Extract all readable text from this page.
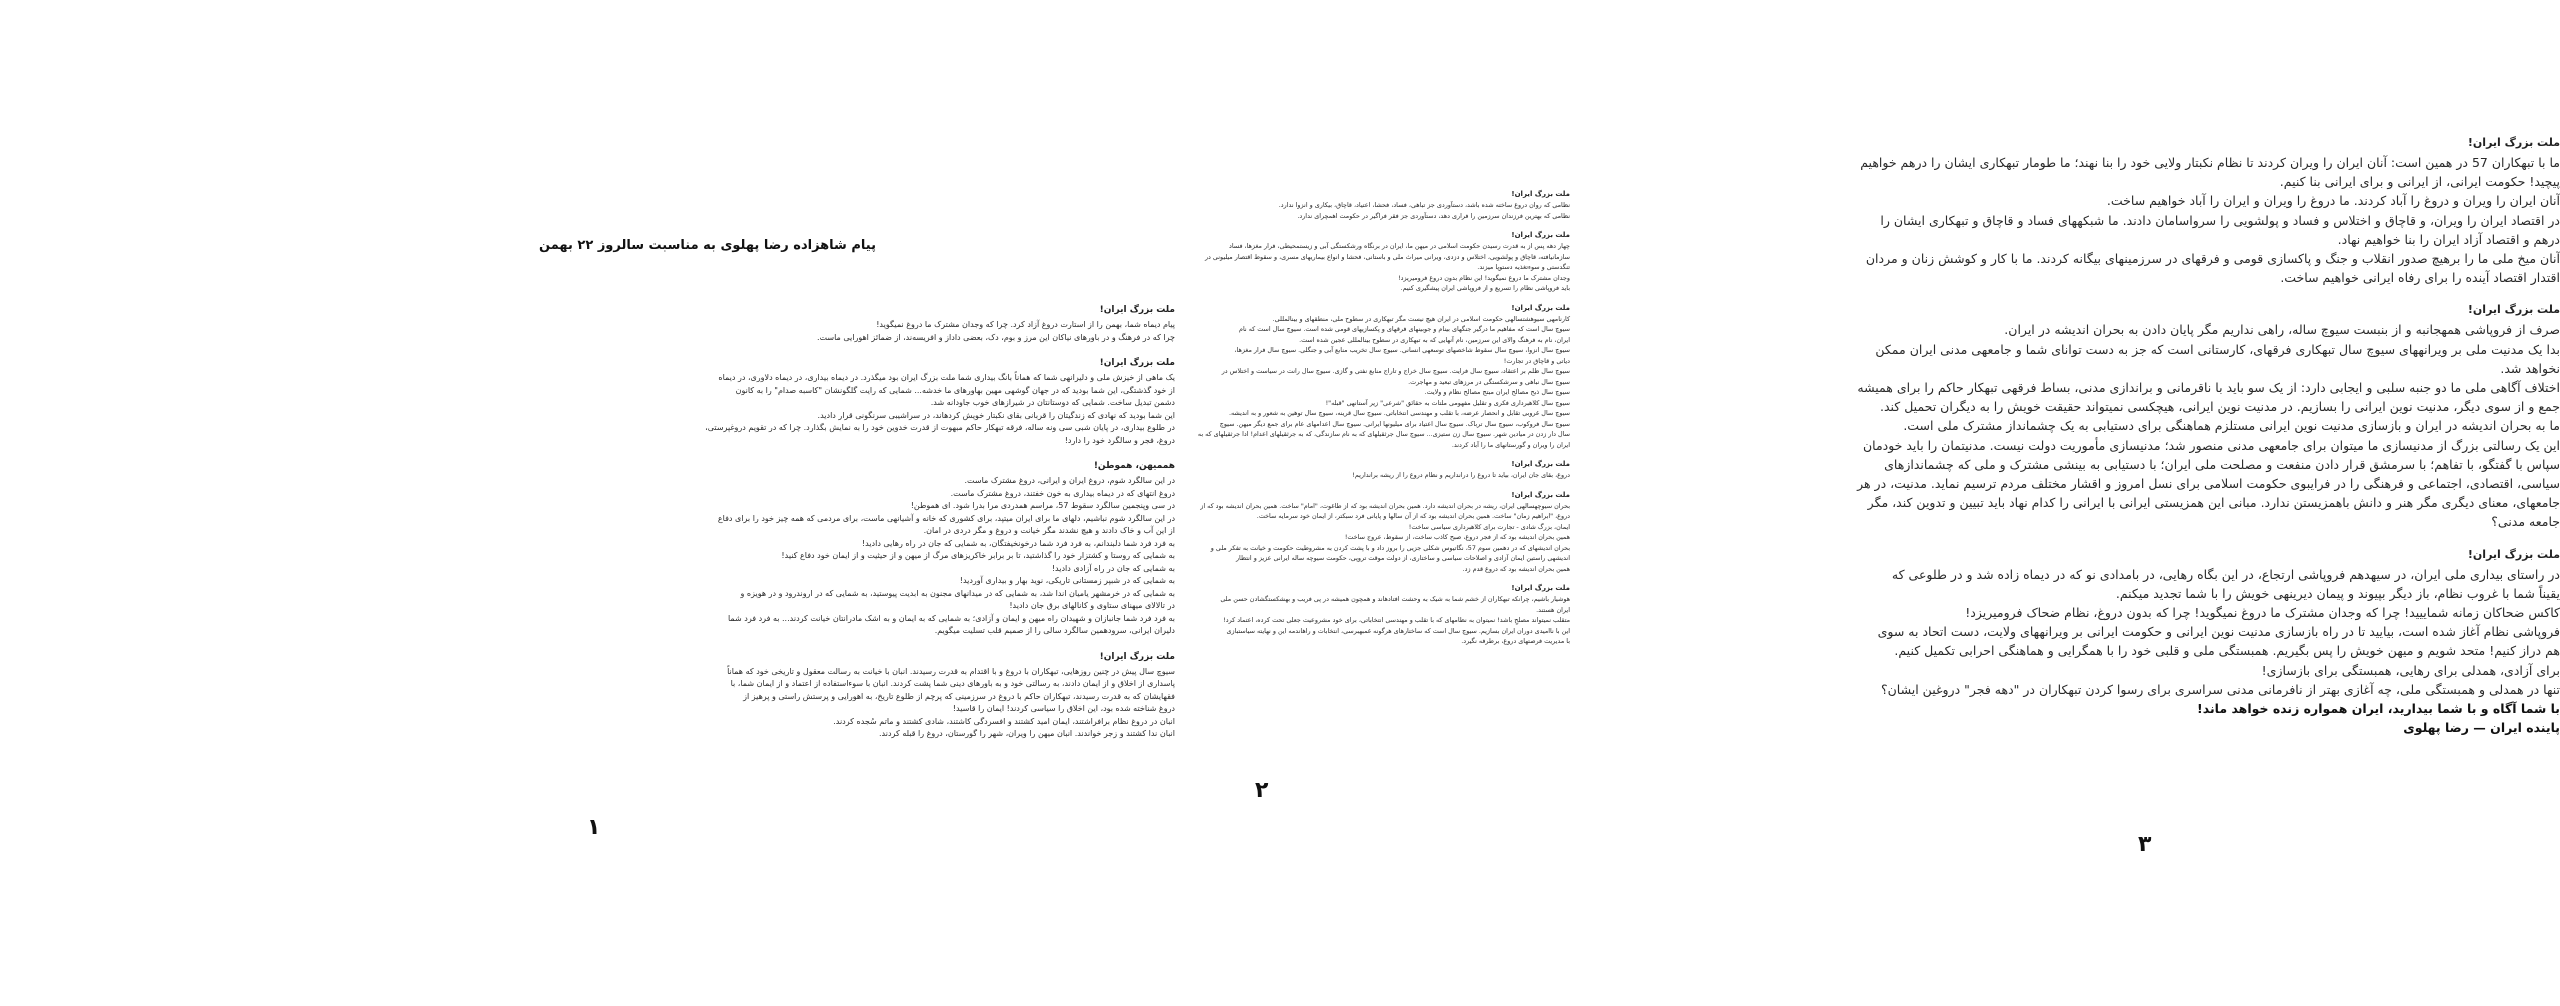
پيام شاهزاده رضا پهلوی به مناسبت سالروز ۲۲ بهمن
ملت بزرگ ايران!
پیام دیماه شما، بهمن را از استارت دروغ آزاد کرد. چرا که وجدان مشترک ما دروغ نمیگوید!
چرا که در فرهنگ و در باورهای نیاکان این مرز و بوم، دک، بعضی داداز و افریسه‌ند، از ضمائز اهورایی ماست.
ملت بزرگ ايران!
یک ماهی از خیزش ملی و دلیرانهی شما که هماناً بانگ بیداری شما ملت بزرگ ایران بود میگذرد. در دیماه بیداری، در دیماه دلاوری، در دیماه
از خود گذشتگی، این شما بودید که در جهان گوشهی مهین بهاورهای ما خدشه... شمایی که رایت گلگونشان "کاسبه صدام" را به کانون
دشمن تبدیل ساخت. شمایی که دوستانتان در شیرازهای خوب جاودانه شد.
این شما بودید که نهادی که زندگیتان را قربانی بقای نکبتار خویش کردهاند، در سراشیبی سرنگونی قرار دادید.
در طلوع بیداری، در پایان شبی سی ونه ساله، فرقه تبهکار حاکم مبهوت از قدرت خدوین خود را به نمایش بگذارد. چرا که در تقویم دروغپرستی،
دروغ، فجر و سالگرد خود را دارد!
هممیهن، هموطن!
در این سالگرد شوم، دروغ ایران و ایرانی، دروغ مشترک ماست.
دروغ انتهای که در دیماه بیداری به خون خفتند، دروغ مشترک ماست.
در سی وپنجمین سالگرد سقوط 57، مراسم همدردی مرا بدرا شود. ای هموطن!
در این سالگرد شوم نباشیم، دلهای ما برای ایران میتپد، برای کشوری که خانه و آشیانهی ماست، برای مردمی که همه چیز خود را برای دفاع
از این آب و خاک دادند و هیچ نشدند مگر خیانت و دروغ و مگر دردی در امان.
به فرد فرد شما دلبندانم، به فرد فرد شما درخونخیفتگان، به شمایی که جان در راه رهایی دادید!
به شمایی که روستا و کشتزار خود را گذاشتید، تا بر برابر خاکریزهای مرگ از میهن و از حیثیت و از ایمان خود دفاع کنید!
به شمایی که جان در راه آزادی دادید!
به شمایی که در شبپر زمستانی تاریکی، نوید بهار و بیداری آوردید!
به شمایی که در خرمشهر یامیان اندا شد، به شمایی که در میدانهای مجنون به ابدیت پیوستید، به شمایی که در اروندرود و در هویزه و
در تالالای میهنای ستاوی و کانالهای برق جان دادید!
به فرد فرد شما جانبازان و شهیدان راه میهن و ایمان و آزادی؛ به شمایی که به ایمان و به اشک مادرانتان خیانت کردند... به فرد فرد شما
دلیران ایرانی، سرودهمین سالگرد سالی را از صمیم قلب تسلیت میگویم.
ملت بزرگ ايران!
سیوچ سال پیش در چنین روزهایی، تبهکاران با دروغ و با اقتدام به قدرت رسیدند. انبان با خیانت به رسالت معقول و تاریخی خود که هماناً
پاسداری از اخلاق و از ایمان دادند، به رسالتی خود و به باورهای دینی شما پشت کردند. انبان با سوءاستفاده از اعتماد و از ایمان شما، با
فقهایشان که به قدرت رسیدند، تبهکاران حاکم با دروغ در سرزمینی که پرچم از طلوع تاریخ، به اهورایی و پرستش راستی و پرهیز از
دروغ شناخته شده بود، این اخلاق را سیاسی کردند! ایمان را قاسید!
انبان در دروغ نظام برافراشتند، ایمان امید کشتند و افسردگی کاشتند، شادی کشتند و ماتم سُجده کردند.
انبان ندا کشتند و زجر خواندند. انبان میهن را ویران، شهر را گورستان، دروغ را قبله کردند.
١
ملت بزرگ ايران!
نظامی که روان دروغ ساخته شده باشد، دستآوردی جز تباهی، فساد، فحشا، اعتیاد، قاچاق، بیکاری و انزوا ندارد.
نظامی که بهترین فرزندان سرزمین را فراری دهد، دستآوردی جز فقر فراگیر در حکومت اهمچرای ندارد.
ملت بزرگ ايران!
چهار دهه پس از به قدرت رسیدن حکومت اسلامی در میهن ما، ایران در برنگاه ورشکستگی آبی و زیستمحیطی، فرار مغزها، فساد
سازمانیافته، قاچاق و پولشویی، اختلاس و دزدی، ویرانی میراث ملی و باستانی، فحشا و انواع بیماریهای مسری، و سقوط اقتصار میلیونی در
تنگدستی و سوءتغذیه دستوپا میزند.
وجدان مشترک ما دروغ نمیگوید! این نظام بدون دروغ فرومیریزد!
باید فروپاشی نظام را تسریع و از فروپاشی ایران پیشگیری کنیم.
ملت بزرگ ايران!
کارنامهی سیوهشتسالهی حکومت اسلامی در ایران هیچ نیست مگر تبهکاری در سطوح ملی، منطقهای و بینالمللی.
سیوچ سال است که مفاهیم ما درگیر جنگهای بینام و جوبینهای فرقهای و پکسازیهای قومی شده است. سیوچ سال است که نام
ایران، نام به فرهنگ والای این سرزمین، نام آنهایی که به تبهکاری در سطوح بینالمللی عجین شده است.
سیوچ سال انزوا، سیوچ سال سقوط شاخصهای توسعهی انسانی. سیوچ سال تخریب منابع آبی و جنگلی. سیوچ سال فرار مغزها،
دیاتی و قاچاق در تجارت!
سیوچ سال ظلم بر اعتقاد، سیوچ سال فرایت. سیوچ سال خراج و تاراج منابع نفتی و گازی. سیوچ سال رانت در سیاست و اختلاس در
سیوچ سال نباهی و سرشکستگی در مرزهای تبعید و مهاجرت.
سیوچ سال ذبح مصالح ایران مبتج مصالح نظام و ولایت.
سیوچ سال کلاهبرداری فکری و تقلیل مفهومی ملتات به حقائق "شرعی" زیر آستانهی "قبله"!
سیوچ سال غروبی تقابل و انحصار عرضه، با تقلب و مهندسی انتخاباتی. سیوچ سال قرینه، سیوچ سال توهین به شعور و به اندیشه.
سیوچ سال فروکوب، سیوچ سال ترباک. سیوچ سال اعتیاد برای میلیونها ایرانی. سیوچ سال اعدامهای عام برای جمع دیگر میهن. سیوچ
سال دار زدن در میادین شهر. سیوچ سال زن ستیزی... سیوچ سال جرثقیلهای که به نام سازندگی، که به جرثقیلهای اعدام! ادا جرثقیلهای که به
ایران را ویران و گورستانهای ما را آباد کردند.
ملت بزرگ ايران!
دروغ، بقای جان ایران، بیاید تا دروغ را درانداریم و نظام دروغ را از ریشه برانداریم!
ملت بزرگ ايران!
بحران سیوچهسالهی ایران، ریشه در بحران اندیشه دارد. همین بحران اندیشه بود که از طاغوت، "امام" ساخت. همین بحران اندیشه بود که از
دروغ، "ابراهیم زمان" ساخت. همین بحران اندیشه بود که از آن سالها و پایانی فرد سبکتر، از ایمان خود سرمایه ساخت.
ایمان، بزرگ شادی - تجارت برای کلاهبرداری سیاسی ساخت!
همین بحران اندیشه بود که از فجر دروغ، صبح کاذب ساخت، از سقوط، عروج ساخت!
بحران اندیشهای که در دهمین سوم 57، نگاتیوس شکلی جزیی را بروز داد و با پشت کردن به مشروطیت حکومت و خیانت به تفکر ملی و
اندیشهی راستین ایمان آزادی و اصلاحات سیاسی و ساختاری، از دولت موقت تروپی، حکومت سیوچه ساله ایرانی عزیز و انتظار
همین بحران اندیشه بود که دروغ قدم زد.
ملت بزرگ ايران!
هوشیار باشیم، چرانکه تبهکاران از خشم شما به شیک به وحشت افتادهاند و همچون همیشه در پی فریب و بهشکستگشادن حسن ملی
ایران هستند.
متقلب نمیتواند مصلحِ باشد! نمیتوان به نظامهای که با تقلب و مهندسی انتخاباتی، برای خود مشروعیت جعلی تحت کرده، اعتماد کرد!
این با ناامیدی دوران ایران بسازیم. سیوچ سال است که ساختارهای هرگونه غمبهبرسی، انتخابات و راهاندمه این و نهایته سیاستبازی
با مدیریت فرصتهای دروغ، برطرفه نگیرد.
٢
ملت بزرگ ايران!
ما با تبهکاران 57 در همین است: آنان ایران را ویران کردند تا نظام نکبتار ولایی خود را بنا نهند؛ ما طومار تبهکاری ایشان را درهم خواهیم
پیچید! حکومت ایرانی، از ایرانی و برای ایرانی بنا کنیم.
آنان ایران را ویران و دروغ را آباد کردند. ما دروغ را ویران و ایران را آباد خواهیم ساخت.
در اقتصاد ایران را ویران، و قاچاق و اختلاس و فساد و پولشویی را سرواسامان دادند. ما شبکههای فساد و قاچاق و تبهکاری ایشان را
درهم و اقتصاد آزاد ایران را بنا خواهیم نهاد.
آنان میخ ملی ما را برهیچ صدور انقلاب و جنگ و پاکسازی قومی و فرقهای در سرزمینهای بیگانه کردند. ما با کار و کوشش زنان و مردان
اقتدار اقتصاد آینده را برای رفاه ایرانی خواهیم ساخت.
ملت بزرگ ايران!
صرف از فروپاشی همهجانبه و از بنبست سیوچ ساله، راهی نداریم مگر پایان دادن به بحران اندیشه در ایران.
بدا یک مدنیت ملی بر ویرانههای سیوچ سال تبهکاری فرقهای، کارستانی است که جز به دست توانای شما و جامعهی مدنی ایران ممکن
نخواهد شد.
اختلاف آگاهی ملی ما دو جنبه سلبی و ایجابی دارد: از یک سو باید با ناقرمانی و براندازی مدنی، بساط فرقهی تبهکار حاکم را برای همیشه
جمع و از سوی دیگر، مدنیت نوین ایرانی را بسازیم. در مدنیت نوین ایرانی، هیچکسی نمیتواند حقیقت خویش را به دیگران تحمیل کند.
ما به بحران اندیشه در ایران و بازسازی مدنیت نوین ایرانی مستلزم هماهنگی برای دستیابی به یک چشمانداز مشترک ملی است.
این یک رسالتی بزرگ از مدنیسازی ما میتوان برای جامعهی مدنی منصور شد؛ مدنیسازی مأموریت دولت نیست. مدنیتمان را باید خودمان
سپاس با گفتگو، با تفاهم؛ با سرمشق قرار دادن منفعت و مصلحت ملی ایران؛ با دستیابی به بینشی مشترک و ملی که چشماندازهای
سیاسی، اقتصادی، اجتماعی و فرهنگی را در فرایبوی حکومت اسلامی برای نسل امروز و اقشار مختلف مردم ترسیم نماید. مدنیت، در هر
جامعهای، معنای دیگری مگر هنر و دانش باهمزیستن ندارد. مبانی این همزیستی ایرانی با ایرانی را کدام نهاد باید تبیین و تدوین کند، مگر
جامعه مدنی؟
ملت بزرگ ايران!
در راستای بیداری ملی ایران، در سیهدهم فروپاشی ارتجاع، در این بگاه رهایی، در بامدادی نو که در دیماه زاده شد و در طلوعی که
یقیناً شما با غروب نظام، باز دیگر بپیوند و پیمان دیرینهی خویش را با شما تجدید میکنم.
کاکس ضحاکان زمانه شماییید! چرا که وجدان مشترک ما دروغ نمیگوید! چرا که بدون دروغ، نظام ضحاک فرومیریزد!
فروپاشی نظام آغاز شده است، بیایید تا در راه بازسازی مدنیت نوین ایرانی و حکومت ایرانی بر ویرانههای ولایت، دست اتحاد به سوی
هم دراز کنیم! متحد شویم و میهن خویش را پس بگیریم. همبستگی ملی و قلبی خود را با همگرایی و هماهنگی احرابی تکمیل کنیم.
برای آزادی، همدلی برای رهایی، همبستگی برای بازسازی!
تنها در همدلی و همبستگی ملی، چه آغازی بهتر از نافرمانی مدنی سراسری برای رسوا کردن تبهکاران در "دهه فجر" دروغین ایشان؟
با شما آگاه و با شما بیدارید، ایران همواره زنده خواهد ماند!
پاینده ایران — رضا پهلوی
٣
